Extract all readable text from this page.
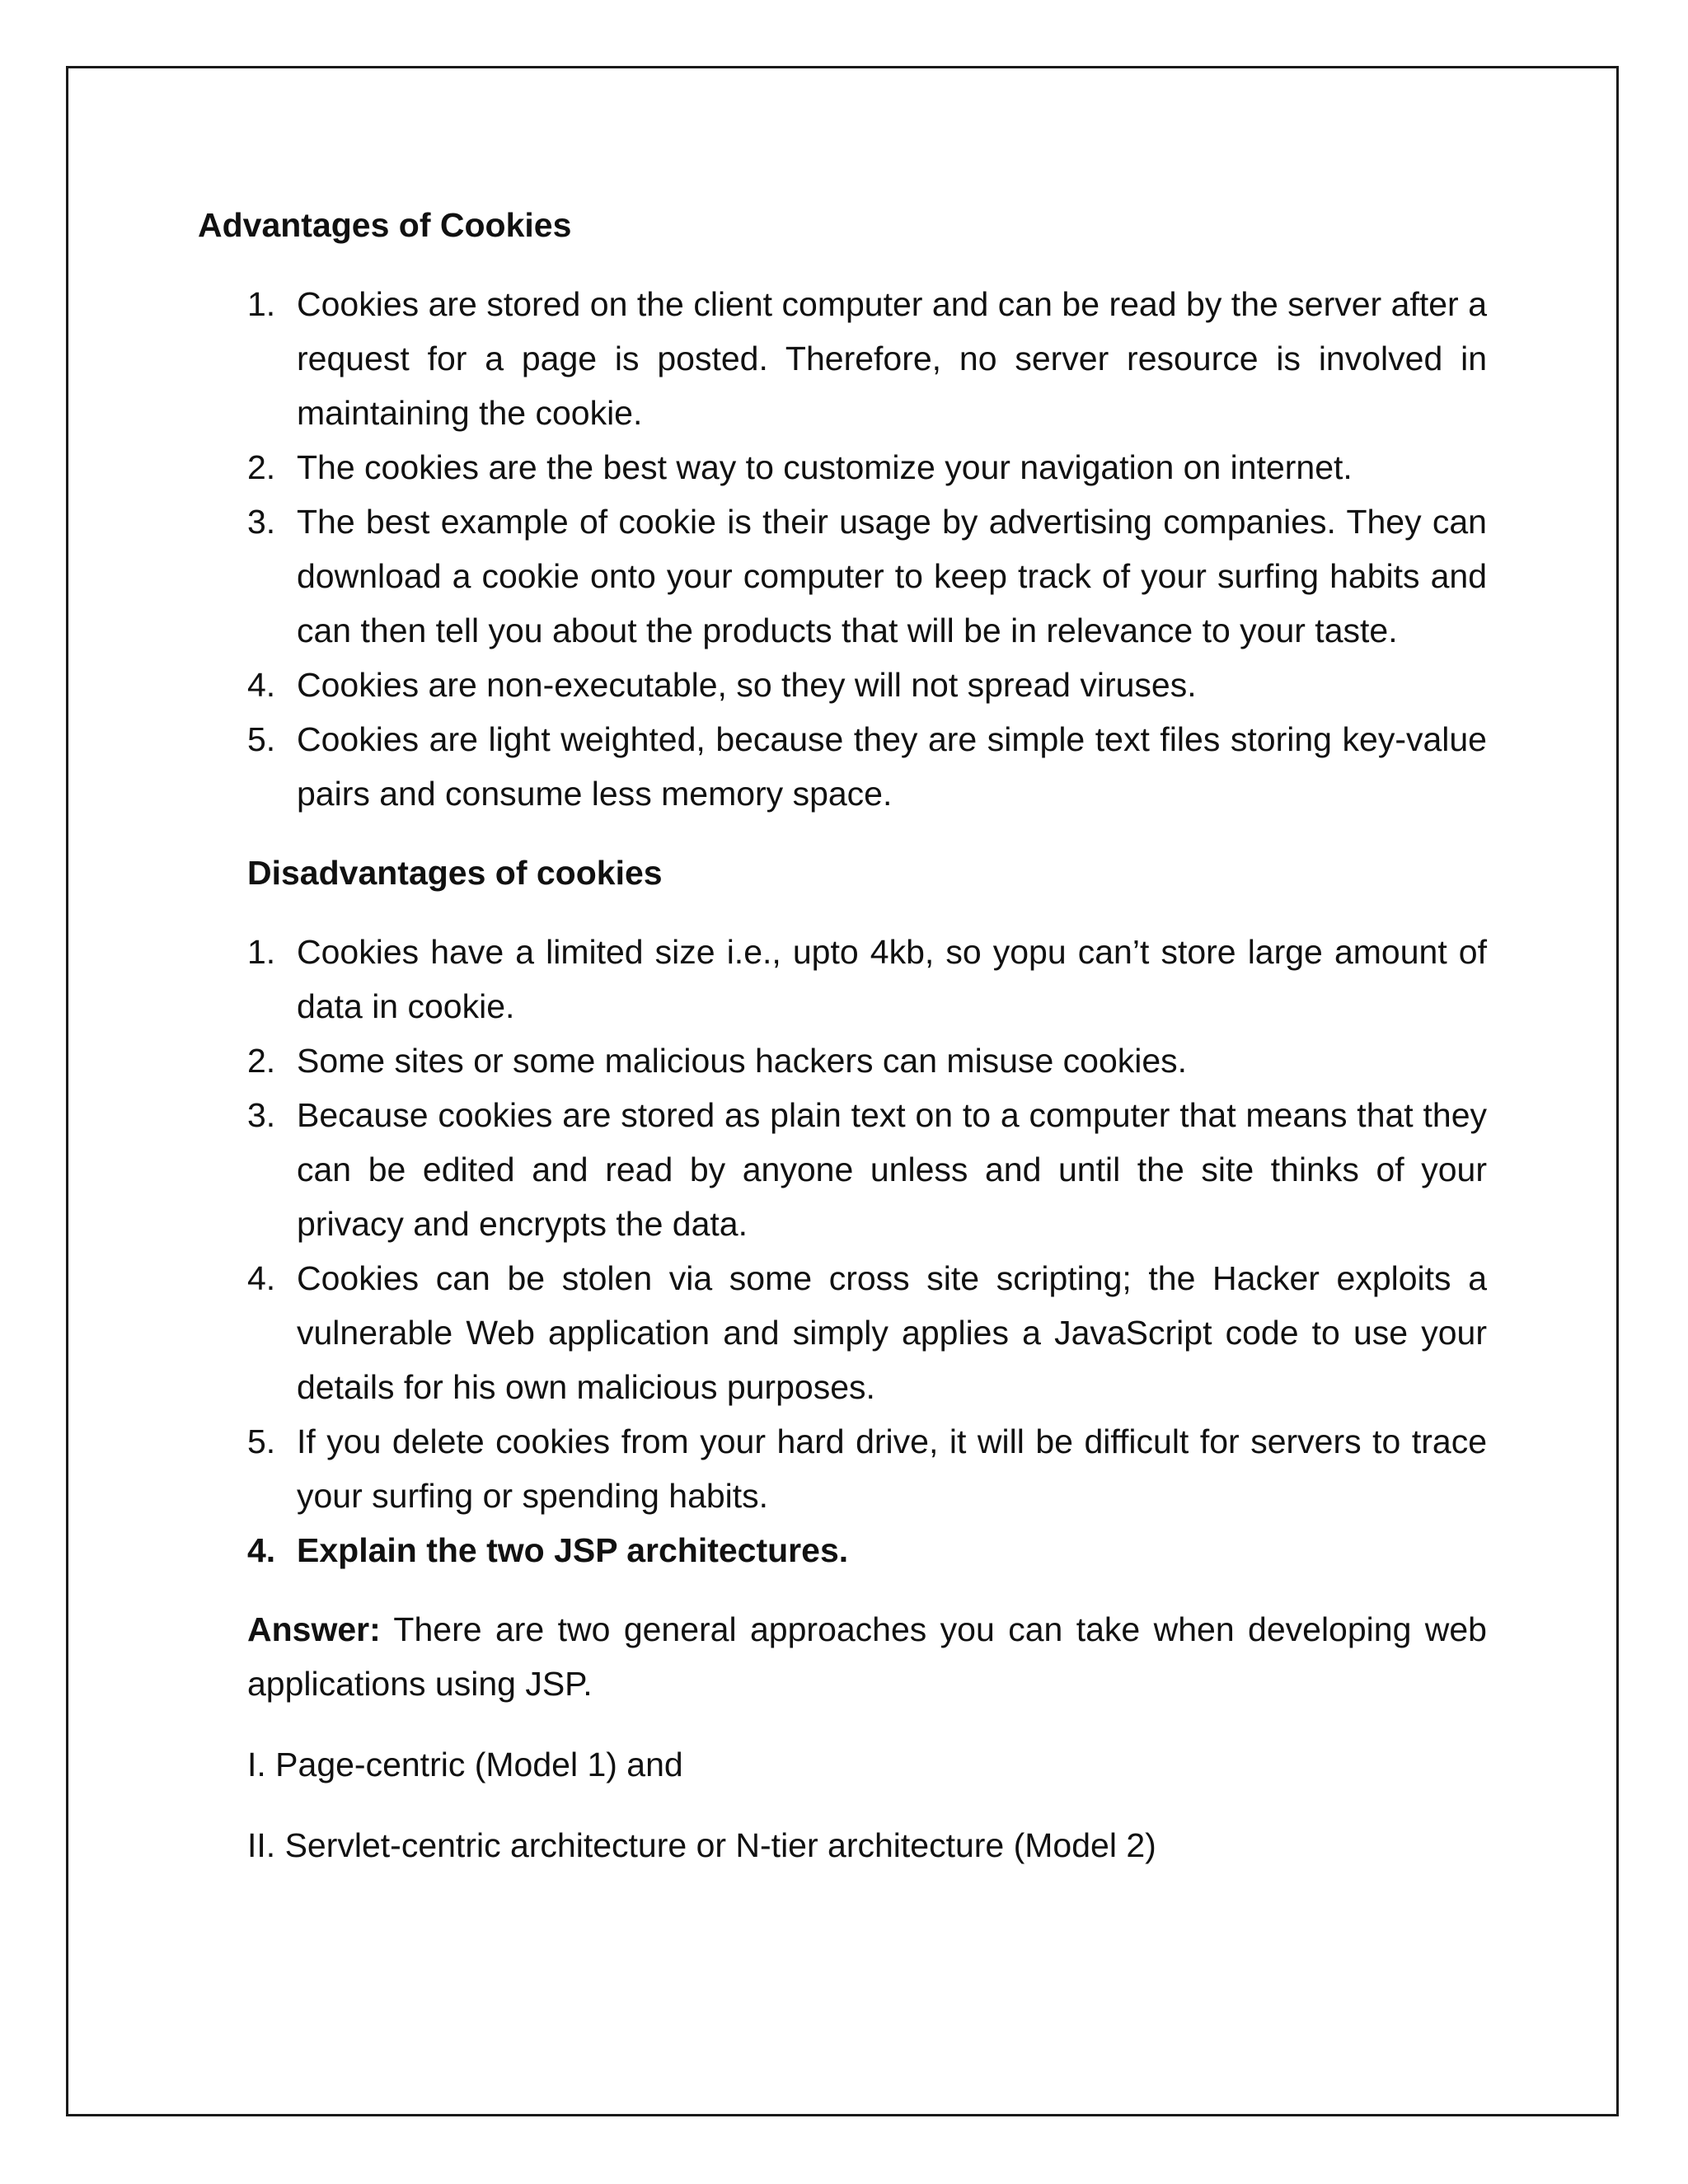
Advantages of Cookies

1. Cookies are stored on the client computer and can be read by the server after a request for a page is posted. Therefore, no server resource is involved in maintaining the cookie.
2. The cookies are the best way to customize your navigation on internet.
3. The best example of cookie is their usage by advertising companies. They can download a cookie onto your computer to keep track of your surfing habits and can then tell you about the products that will be in relevance to your taste.
4. Cookies are non-executable, so they will not spread viruses.
5. Cookies are light weighted, because they are simple text files storing key-value pairs and consume less memory space.

Disadvantages of cookies

1. Cookies have a limited size i.e., upto 4kb, so yopu can’t store large amount of data in cookie.
2. Some sites or some malicious hackers can misuse cookies.
3. Because cookies are stored as plain text on to a computer that means that they can be edited and read by anyone unless and until the site thinks of your privacy and encrypts the data.
4. Cookies can be stolen via some cross site scripting; the Hacker exploits a vulnerable Web application and simply applies a JavaScript code to use your details for his own malicious purposes.
5. If you delete cookies from your hard drive, it will be difficult for servers to trace your surfing or spending habits.

4. Explain the two JSP architectures.

Answer: There are two general approaches you can take when developing web applications using JSP.

I. Page-centric (Model 1) and

II. Servlet-centric architecture or N-tier architecture (Model 2)
